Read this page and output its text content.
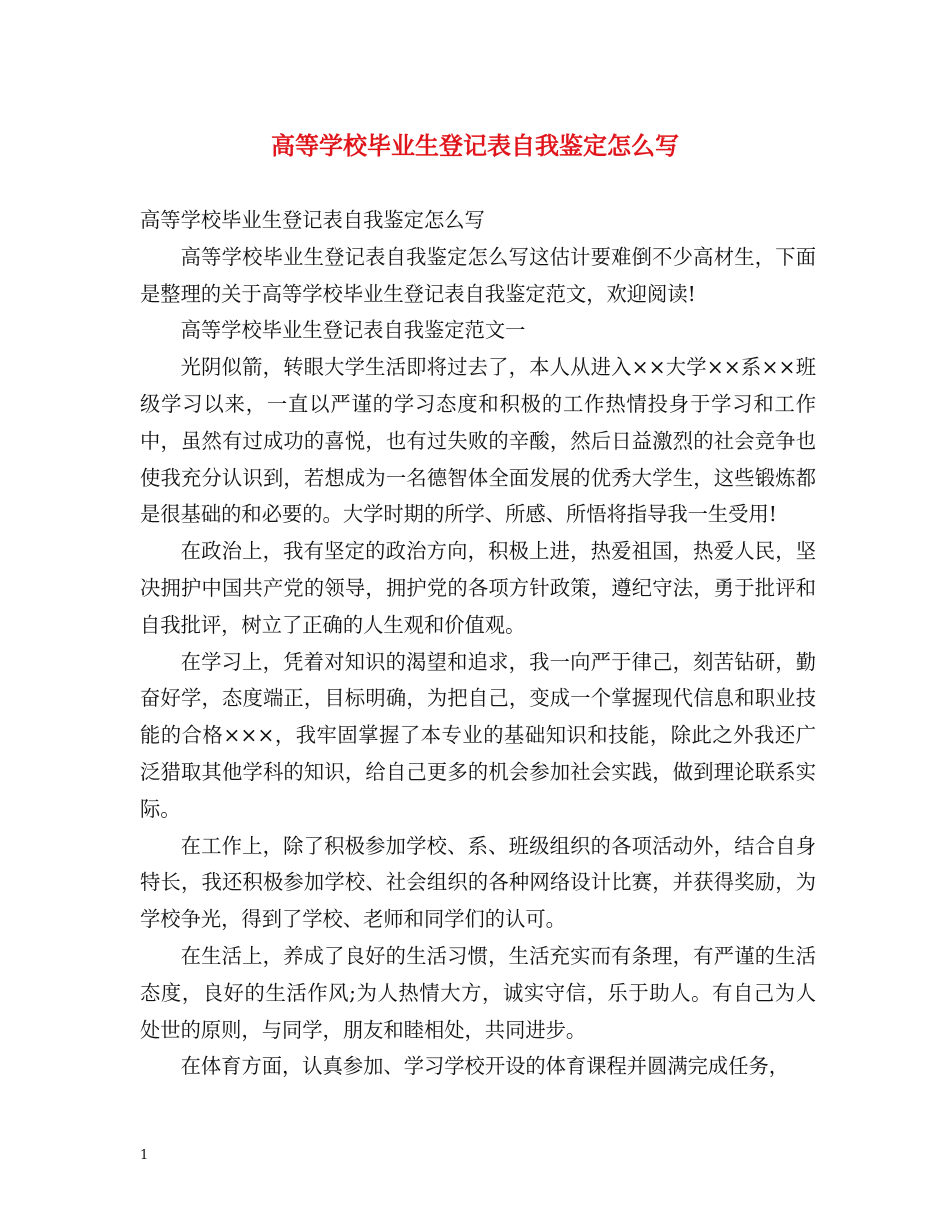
高等学校毕业生登记表自我鉴定怎么写

高等学校毕业生登记表自我鉴定怎么写

高等学校毕业生登记表自我鉴定怎么写这估计要难倒不少高材生，下面是整理的关于高等学校毕业生登记表自我鉴定范文，欢迎阅读!

高等学校毕业生登记表自我鉴定范文一

光阴似箭，转眼大学生活即将过去了，本人从进入××大学××系××班级学习以来，一直以严谨的学习态度和积极的工作热情投身于学习和工作中，虽然有过成功的喜悦，也有过失败的辛酸，然后日益激烈的社会竞争也使我充分认识到，若想成为一名德智体全面发展的优秀大学生，这些锻炼都是很基础的和必要的。大学时期的所学、所感、所悟将指导我一生受用!

在政治上，我有坚定的政治方向，积极上进，热爱祖国，热爱人民，坚决拥护中国共产党的领导，拥护党的各项方针政策，遵纪守法，勇于批评和自我批评，树立了正确的人生观和价值观。

在学习上，凭着对知识的渴望和追求，我一向严于律己，刻苦钻研，勤奋好学，态度端正，目标明确，为把自己，变成一个掌握现代信息和职业技能的合格×××，我牢固掌握了本专业的基础知识和技能，除此之外我还广泛猎取其他学科的知识，给自己更多的机会参加社会实践，做到理论联系实际。

在工作上，除了积极参加学校、系、班级组织的各项活动外，结合自身特长，我还积极参加学校、社会组织的各种网络设计比赛，并获得奖励，为学校争光，得到了学校、老师和同学们的认可。

在生活上，养成了良好的生活习惯，生活充实而有条理，有严谨的生活态度，良好的生活作风;为人热情大方，诚实守信，乐于助人。有自己为人处世的原则，与同学，朋友和睦相处，共同进步。

在体育方面，认真参加、学习学校开设的体育课程并圆满完成任务，

1
